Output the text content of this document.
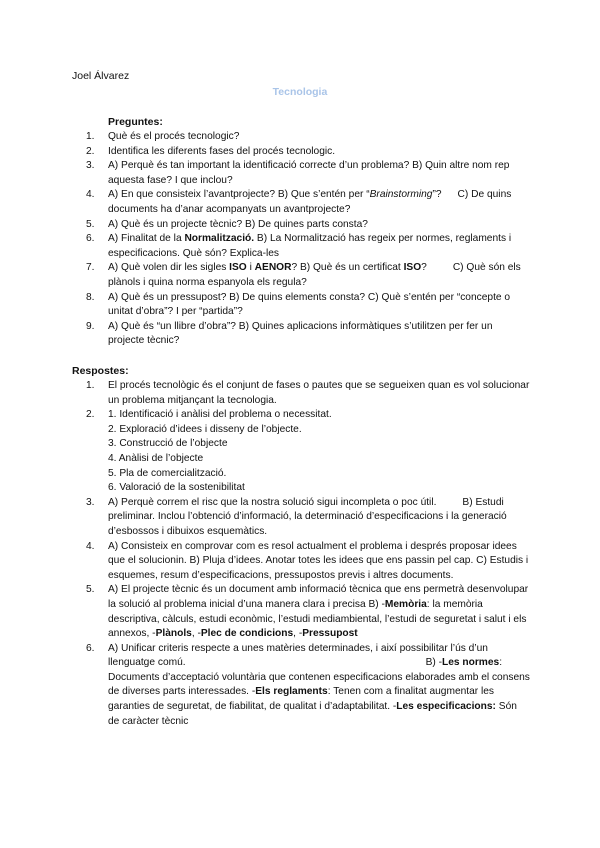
Joel Álvarez
Tecnologia
Preguntes:
1.	Què és el procés tecnologic?

2.	Identifica les diferents fases del procés tecnologic.

3.	A) Perquè és tan important la identificació correcte d’un problema? B) Quin altre nom rep aquesta fase? I que inclou?

4.	A) En que consisteix l’avantprojecte? B) Que s’entén per “Brainstorming”? C) De quins documents ha d’anar acompanyats un avantprojecte?

5.	A) Què és un projecte tècnic? B) De quines parts consta?

6.	A) Finalitat de la Normalització. B) La Normalització has regeix per normes, reglaments i especificacions. Què són? Explica-les

7.	A) Què volen dir les sigles ISO i AENOR? B) Què és un certificat ISO?	C) Què són els plànols i quina norma espanyola els regula?

8.	A) Què és un pressupost? B) De quins elements consta? C) Què s’entén per “concepte o unitat d’obra”? I per “partida”?

9.	A) Què és “un llibre d’obra”? B) Quines aplicacions informàtiques s’utilitzen per fer un projecte tècnic?

Respostes:
1.	El procés tecnològic és el conjunt de fases o pautes que se segueixen quan es vol solucionar un problema mitjançant la tecnologia.

2.	1. Identificació i anàlisi del problema o necessitat.

2. Exploració d’idees i disseny de l’objecte.

3. Construcció de l’objecte

4. Anàlisi de l’objecte

5. Pla de comercialització.

6. Valoració de la sostenibilitat

3.	A) Perquè correm el risc que la nostra solució sigui incompleta o poc útil.	B) Estudi preliminar. Inclou l’obtenció d’informació, la determinació d’especificacions i la generació d’esbossos i dibuixos esquemàtics.

4.	A) Consisteix en comprovar com es resol actualment el problema i després proposar idees que el solucionin. B) Pluja d’idees. Anotar totes les idees que ens passin pel cap. C) Estudis i esquemes, resum d’especificacions, pressupostos previs i altres documents.

5.	A) El projecte tècnic és un document amb informació tècnica que ens permetrà desenvolupar la solució al problema inicial d’una manera clara i precisa B) -Memòria: la memòria descriptiva, càlculs, estudi econòmic, l’estudi mediambiental, l’estudi de seguretat i salut i els annexos, -Plànols, -Plec de condicions, -Pressupost

6.	A) Unificar criteris respecte a unes matèries determinades, i així possibilitar l’ús d’un llenguatge comú.	B) -Les normes: Documents d’acceptació voluntària que contenen especificacions elaborades amb el consens de diverses parts interessades. -Els reglaments: Tenen com a finalitat augmentar les garanties de seguretat, de fiabilitat, de qualitat i d’adaptabilitat. -Les especificacions: Són de caràcter tècnic
